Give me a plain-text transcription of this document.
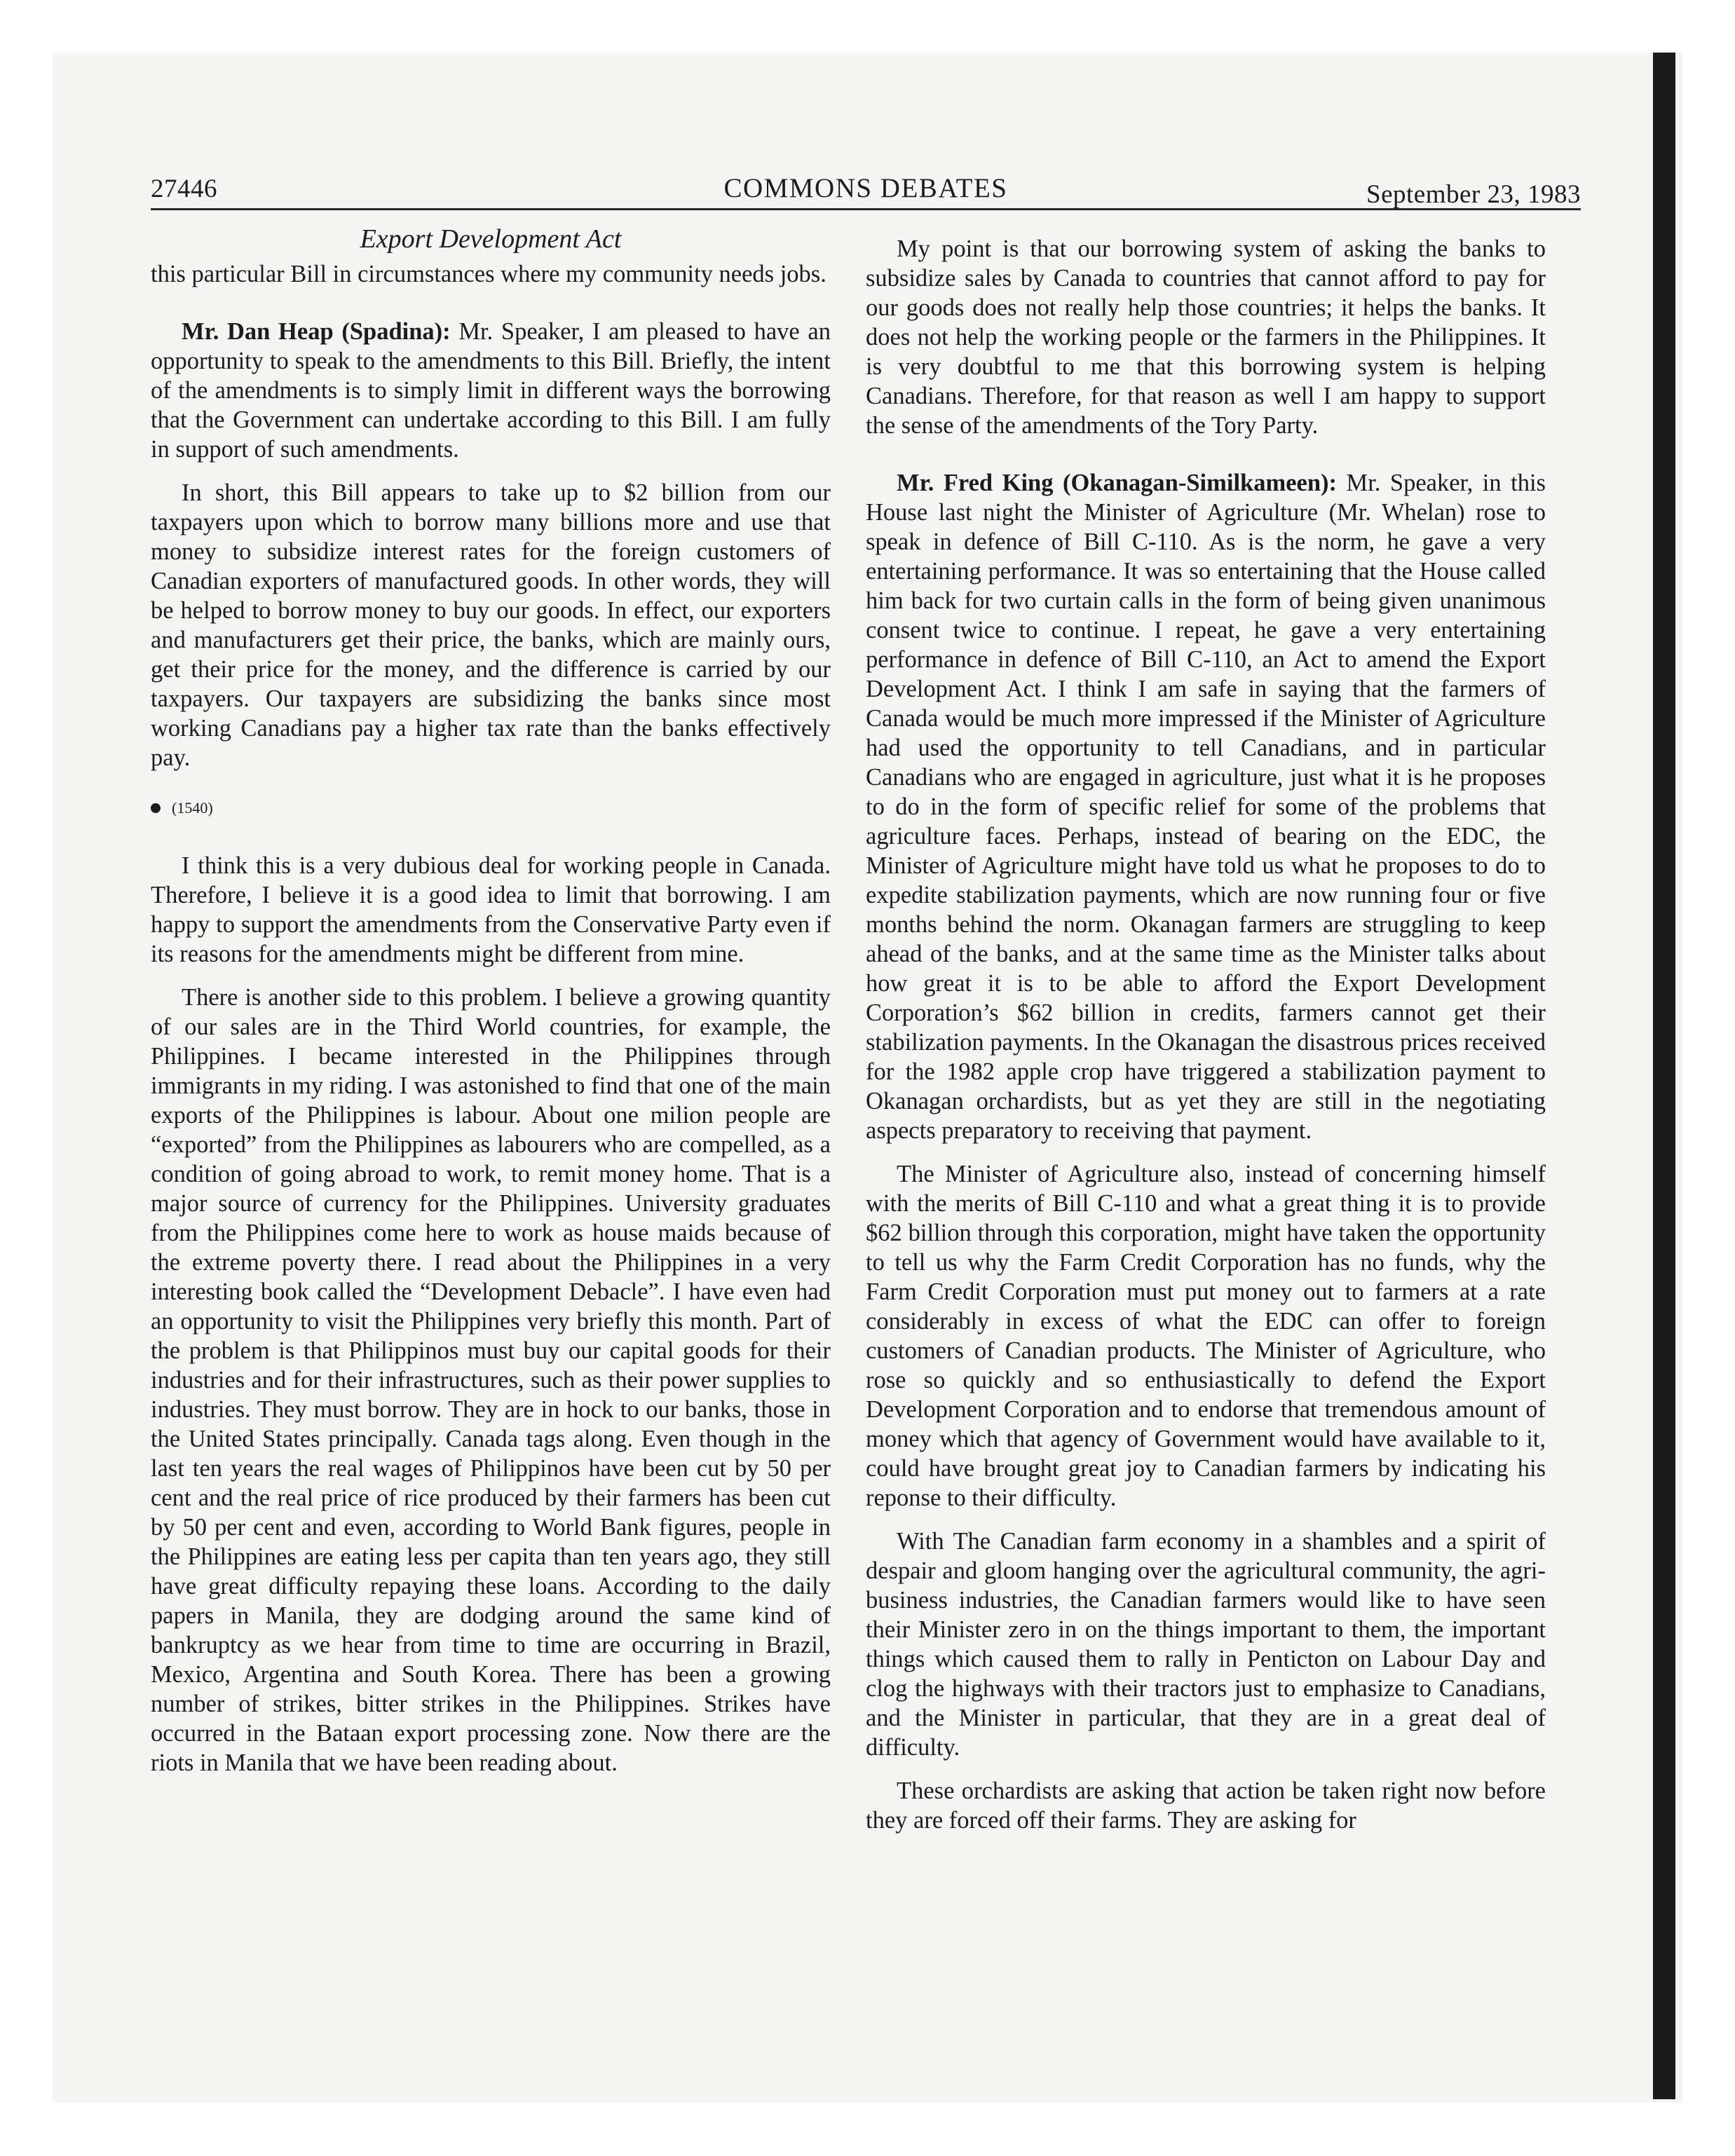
27446	COMMONS DEBATES	September 23, 1983
Export Development Act

this particular Bill in circumstances where my community needs jobs.

Mr. Dan Heap (Spadina): Mr. Speaker, I am pleased to have an opportunity to speak to the amendments to this Bill. Briefly, the intent of the amendments is to simply limit in different ways the borrowing that the Government can undertake according to this Bill. I am fully in support of such amendments.

In short, this Bill appears to take up to $2 billion from our taxpayers upon which to borrow many billions more and use that money to subsidize interest rates for the foreign customers of Canadian exporters of manufactured goods. In other words, they will be helped to borrow money to buy our goods. In effect, our exporters and manufacturers get their price, the banks, which are mainly ours, get their price for the money, and the difference is carried by our taxpayers. Our taxpayers are subsidizing the banks since most working Canadians pay a higher tax rate than the banks effectively pay.

(1540)

I think this is a very dubious deal for working people in Canada. Therefore, I believe it is a good idea to limit that borrowing. I am happy to support the amendments from the Conservative Party even if its reasons for the amendments might be different from mine.

There is another side to this problem. I believe a growing quantity of our sales are in the Third World countries, for example, the Philippines. I became interested in the Philippines through immigrants in my riding. I was astonished to find that one of the main exports of the Philippines is labour. About one milion people are “exported” from the Philippines as labourers who are compelled, as a condition of going abroad to work, to remit money home. That is a major source of currency for the Philippines. University graduates from the Philippines come here to work as house maids because of the extreme poverty there. I read about the Philippines in a very interesting book called the “Development Debacle”. I have even had an opportunity to visit the Philippines very briefly this month. Part of the problem is that Philippinos must buy our capital goods for their industries and for their infrastructures, such as their power supplies to industries. They must borrow. They are in hock to our banks, those in the United States principally. Canada tags along. Even though in the last ten years the real wages of Philippinos have been cut by 50 per cent and the real price of rice produced by their farmers has been cut by 50 per cent and even, according to World Bank figures, people in the Philippines are eating less per capita than ten years ago, they still have great difficulty repaying these loans. According to the daily papers in Manila, they are dodging around the same kind of bankruptcy as we hear from time to time are occurring in Brazil, Mexico, Argentina and South Korea. There has been a growing number of strikes, bitter strikes in the Philippines. Strikes have occurred in the Bataan export processing zone. Now there are the riots in Manila that we have been reading about.

My point is that our borrowing system of asking the banks to subsidize sales by Canada to countries that cannot afford to pay for our goods does not really help those countries; it helps the banks. It does not help the working people or the farmers in the Philippines. It is very doubtful to me that this borrowing system is helping Canadians. Therefore, for that reason as well I am happy to support the sense of the amendments of the Tory Party.

Mr. Fred King (Okanagan-Similkameen): Mr. Speaker, in this House last night the Minister of Agriculture (Mr. Whelan) rose to speak in defence of Bill C-110. As is the norm, he gave a very entertaining performance. It was so entertaining that the House called him back for two curtain calls in the form of being given unanimous consent twice to continue. I repeat, he gave a very entertaining performance in defence of Bill C-110, an Act to amend the Export Development Act. I think I am safe in saying that the farmers of Canada would be much more impressed if the Minister of Agriculture had used the opportunity to tell Canadians, and in particular Canadians who are engaged in agriculture, just what it is he proposes to do in the form of specific relief for some of the problems that agriculture faces. Perhaps, instead of bearing on the EDC, the Minister of Agriculture might have told us what he proposes to do to expedite stabilization payments, which are now running four or five months behind the norm. Okanagan farmers are struggling to keep ahead of the banks, and at the same time as the Minister talks about how great it is to be able to afford the Export Development Corporation’s $62 billion in credits, farmers cannot get their stabilization payments. In the Okanagan the disastrous prices received for the 1982 apple crop have triggered a stabilization payment to Okanagan orchardists, but as yet they are still in the negotiating aspects preparatory to receiving that payment.

The Minister of Agriculture also, instead of concerning himself with the merits of Bill C-110 and what a great thing it is to provide $62 billion through this corporation, might have taken the opportunity to tell us why the Farm Credit Corporation has no funds, why the Farm Credit Corporation must put money out to farmers at a rate considerably in excess of what the EDC can offer to foreign customers of Canadian products. The Minister of Agriculture, who rose so quickly and so enthusiastically to defend the Export Development Corporation and to endorse that tremendous amount of money which that agency of Government would have available to it, could have brought great joy to Canadian farmers by indicating his reponse to their difficulty.

With The Canadian farm economy in a shambles and a spirit of despair and gloom hanging over the agricultural community, the agri-business industries, the Canadian farmers would like to have seen their Minister zero in on the things important to them, the important things which caused them to rally in Penticton on Labour Day and clog the highways with their tractors just to emphasize to Canadians, and the Minister in particular, that they are in a great deal of difficulty.

These orchardists are asking that action be taken right now before they are forced off their farms. They are asking for
